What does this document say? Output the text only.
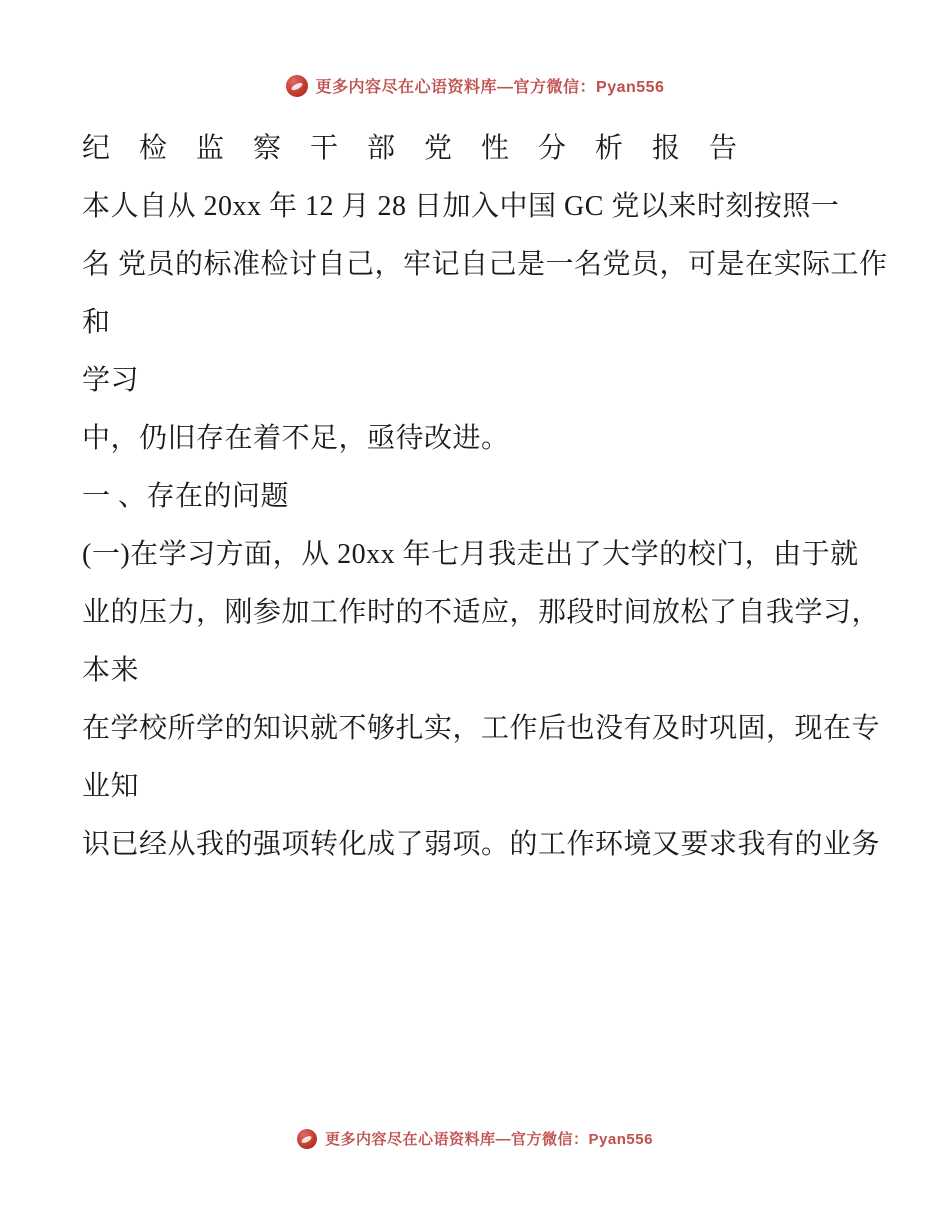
更多内容尽在心语资料库—官方微信：Pyan556

纪 检 监 察 干 部 党 性 分 析 报 告

本人自从 20xx 年 12 月 28 日加入中国 GC 党以来时刻按照一

名 党员的标准检讨自己，牢记自己是一名党员，可是在实际工作和

学习

中，仍旧存在着不足，亟待改进。

一 、存在的问题

(一)在学习方面，从 20xx 年七月我走出了大学的校门，由于就

业的压力，刚参加工作时的不适应，那段时间放松了自我学习，本来

在学校所学的知识就不够扎实，工作后也没有及时巩固，现在专业知

识已经从我的强项转化成了弱项。的工作环境又要求我有的业务

更多内容尽在心语资料库—官方微信：Pyan556
